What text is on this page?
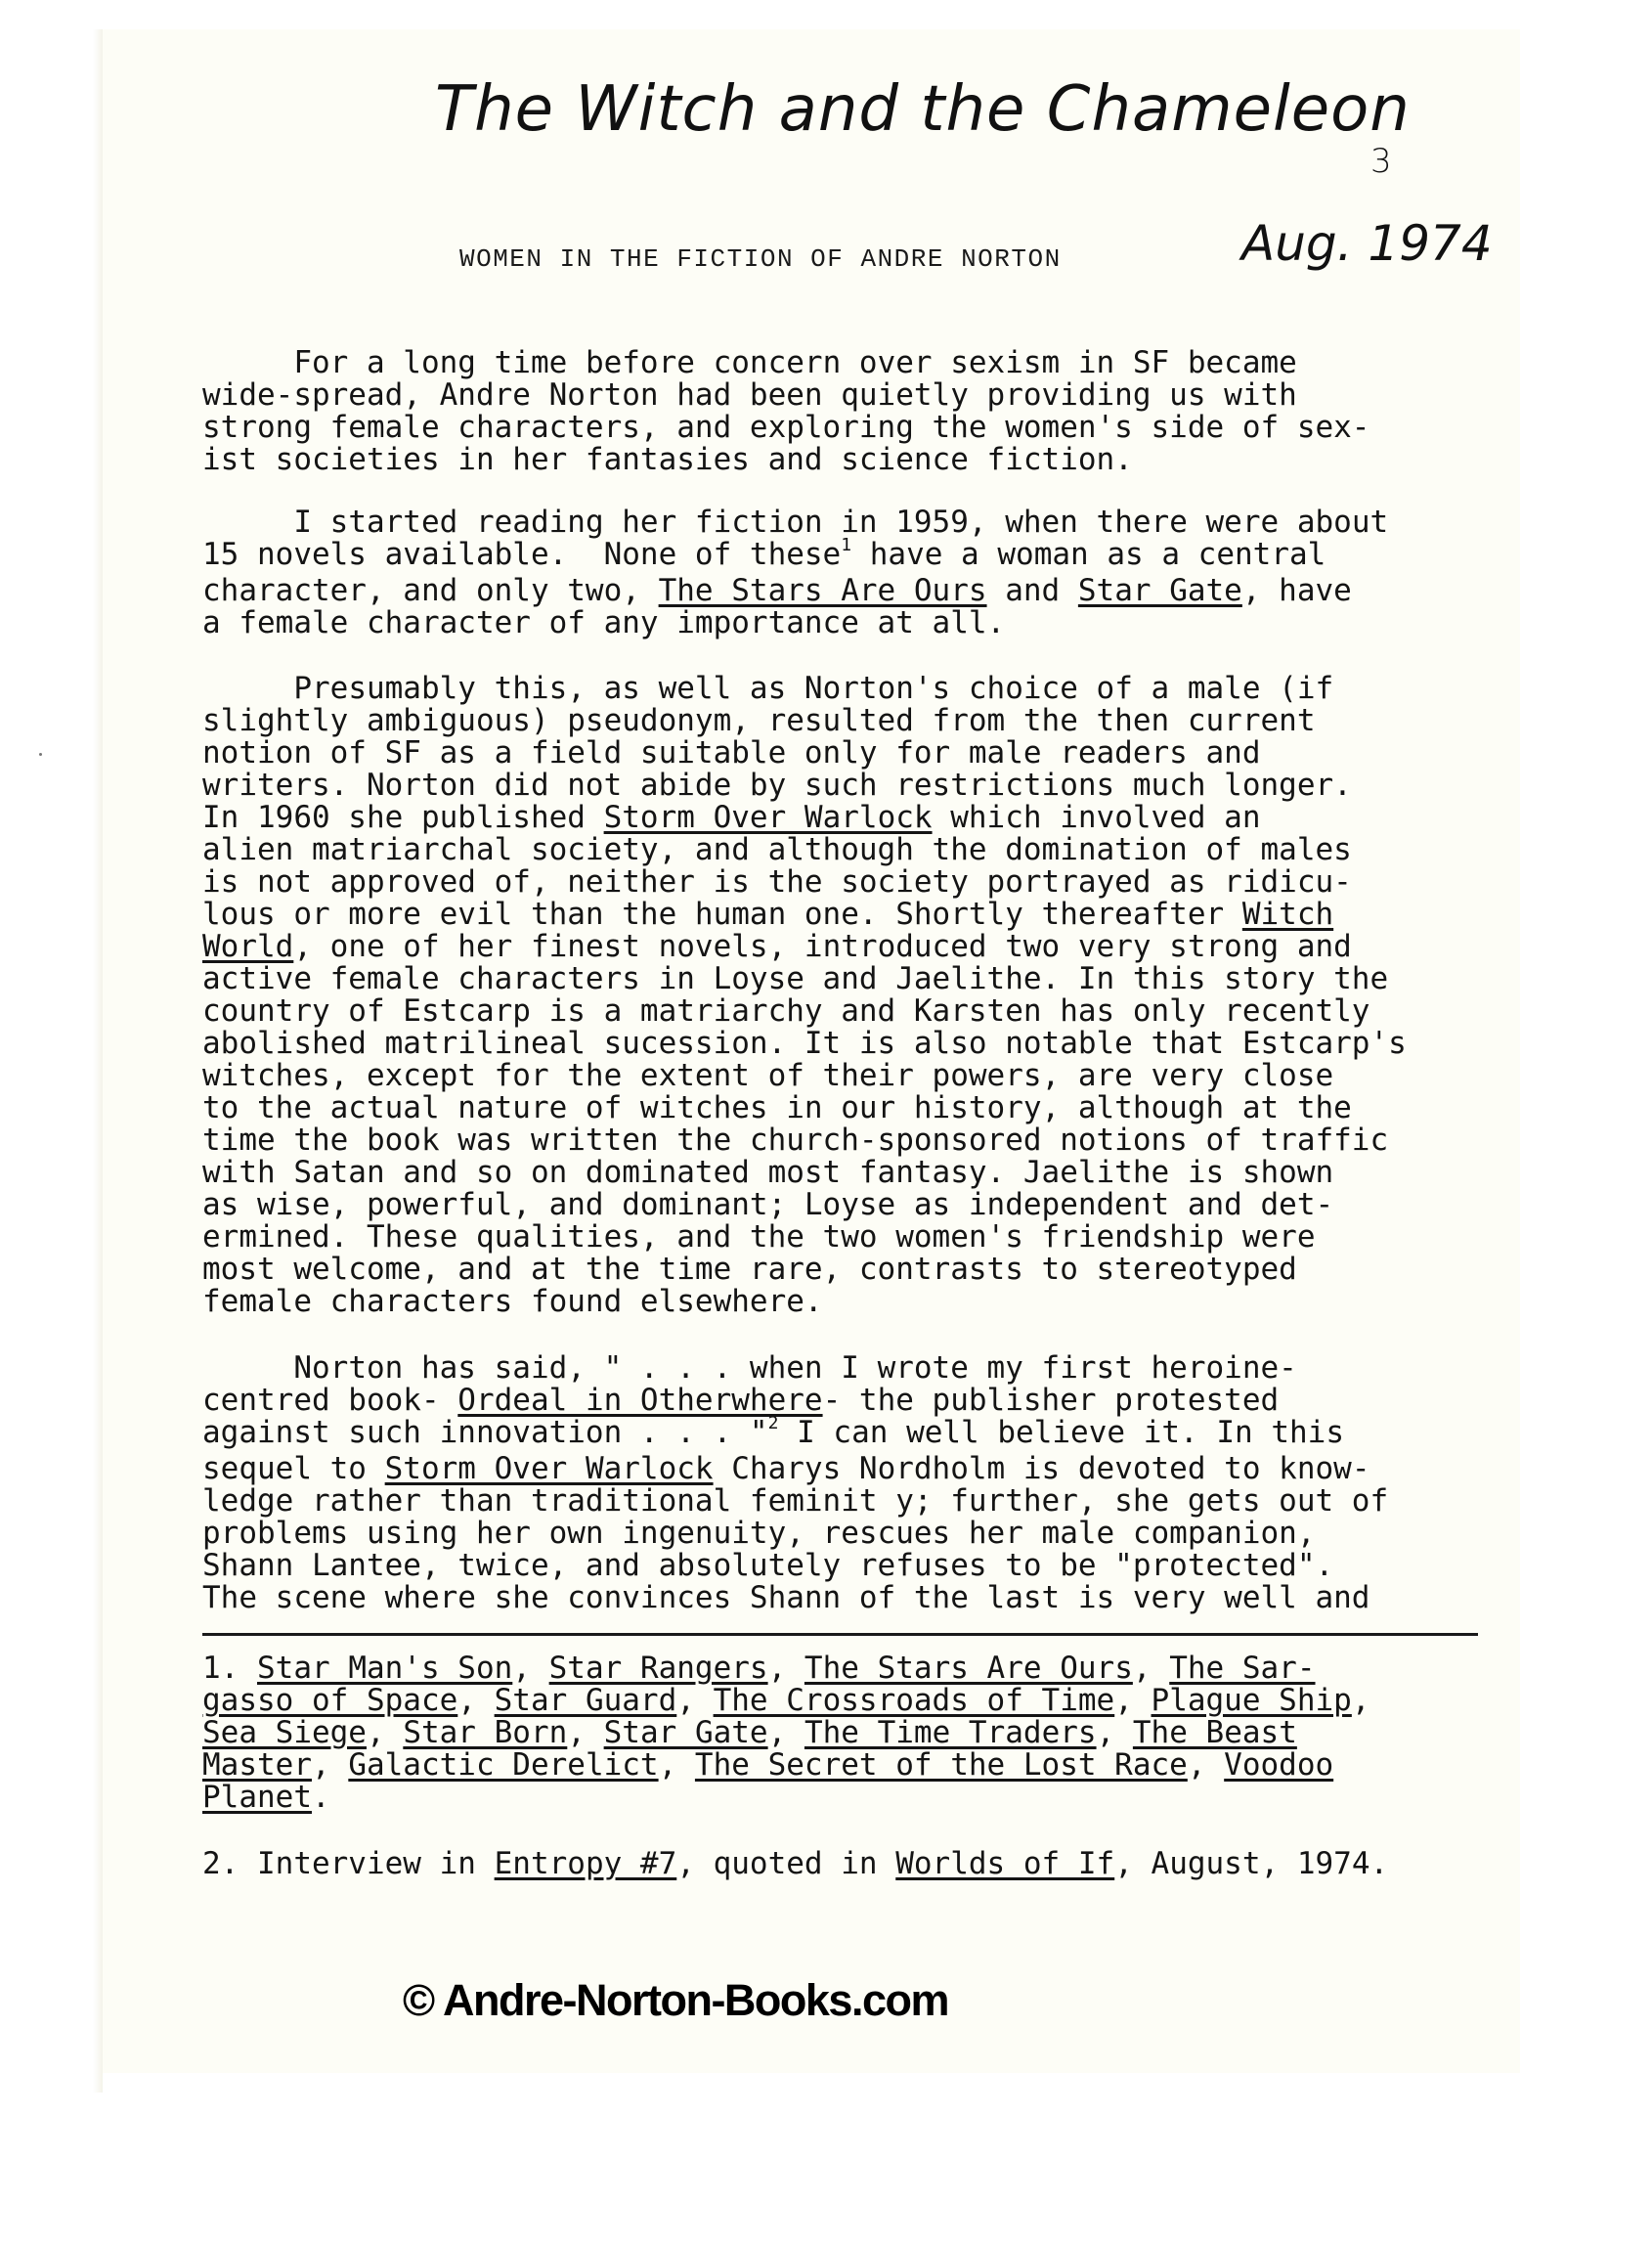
The Witch and the Chameleon
3
Aug. 1974
WOMEN IN THE FICTION OF ANDRE NORTON
For a long time before concern over sexism in SF became
wide-spread, Andre Norton had been quietly providing us with
strong female characters, and exploring the women's side of sex-
ist societies in her fantasies and science fiction.
I started reading her fiction in 1959, when there were about
15 novels available.  None of these$^1$ have a woman as a central
character, and only two, The Stars Are Ours and Star Gate, have
a female character of any importance at all.
Presumably this, as well as Norton's choice of a male (if
slightly ambiguous) pseudonym, resulted from the then current
notion of SF as a field suitable only for male readers and
writers. Norton did not abide by such restrictions much longer.
In 1960 she published Storm Over Warlock which involved an
alien matriarchal society, and although the domination of males
is not approved of, neither is the society portrayed as ridicu-
lous or more evil than the human one. Shortly thereafter Witch
World, one of her finest novels, introduced two very strong and
active female characters in Loyse and Jaelithe. In this story the
country of Estcarp is a matriarchy and Karsten has only recently
abolished matrilineal sucession. It is also notable that Estcarp's
witches, except for the extent of their powers, are very close
to the actual nature of witches in our history, although at the
time the book was written the church-sponsored notions of traffic
with Satan and so on dominated most fantasy. Jaelithe is shown
as wise, powerful, and dominant; Loyse as independent and det-
ermined. These qualities, and the two women's friendship were
most welcome, and at the time rare, contrasts to stereotyped
female characters found elsewhere.
Norton has said, " . . . when I wrote my first heroine-
centred book- Ordeal in Otherwhere- the publisher protested
against such innovation . . . "$^2$ I can well believe it. In this
sequel to Storm Over Warlock Charys Nordholm is devoted to know-
ledge rather than traditional feminit y; further, she gets out of
problems using her own ingenuity, rescues her male companion,
Shann Lantee, twice, and absolutely refuses to be "protected".
The scene where she convinces Shann of the last is very well and
1. Star Man's Son, Star Rangers, The Stars Are Ours, The Sar-
gasso of Space, Star Guard, The Crossroads of Time, Plague Ship,
Sea Siege, Star Born, Star Gate, The Time Traders, The Beast
Master, Galactic Derelict, The Secret of the Lost Race, Voodoo
Planet.
2. Interview in Entropy #7, quoted in Worlds of If, August, 1974.
© Andre-Norton-Books.com
